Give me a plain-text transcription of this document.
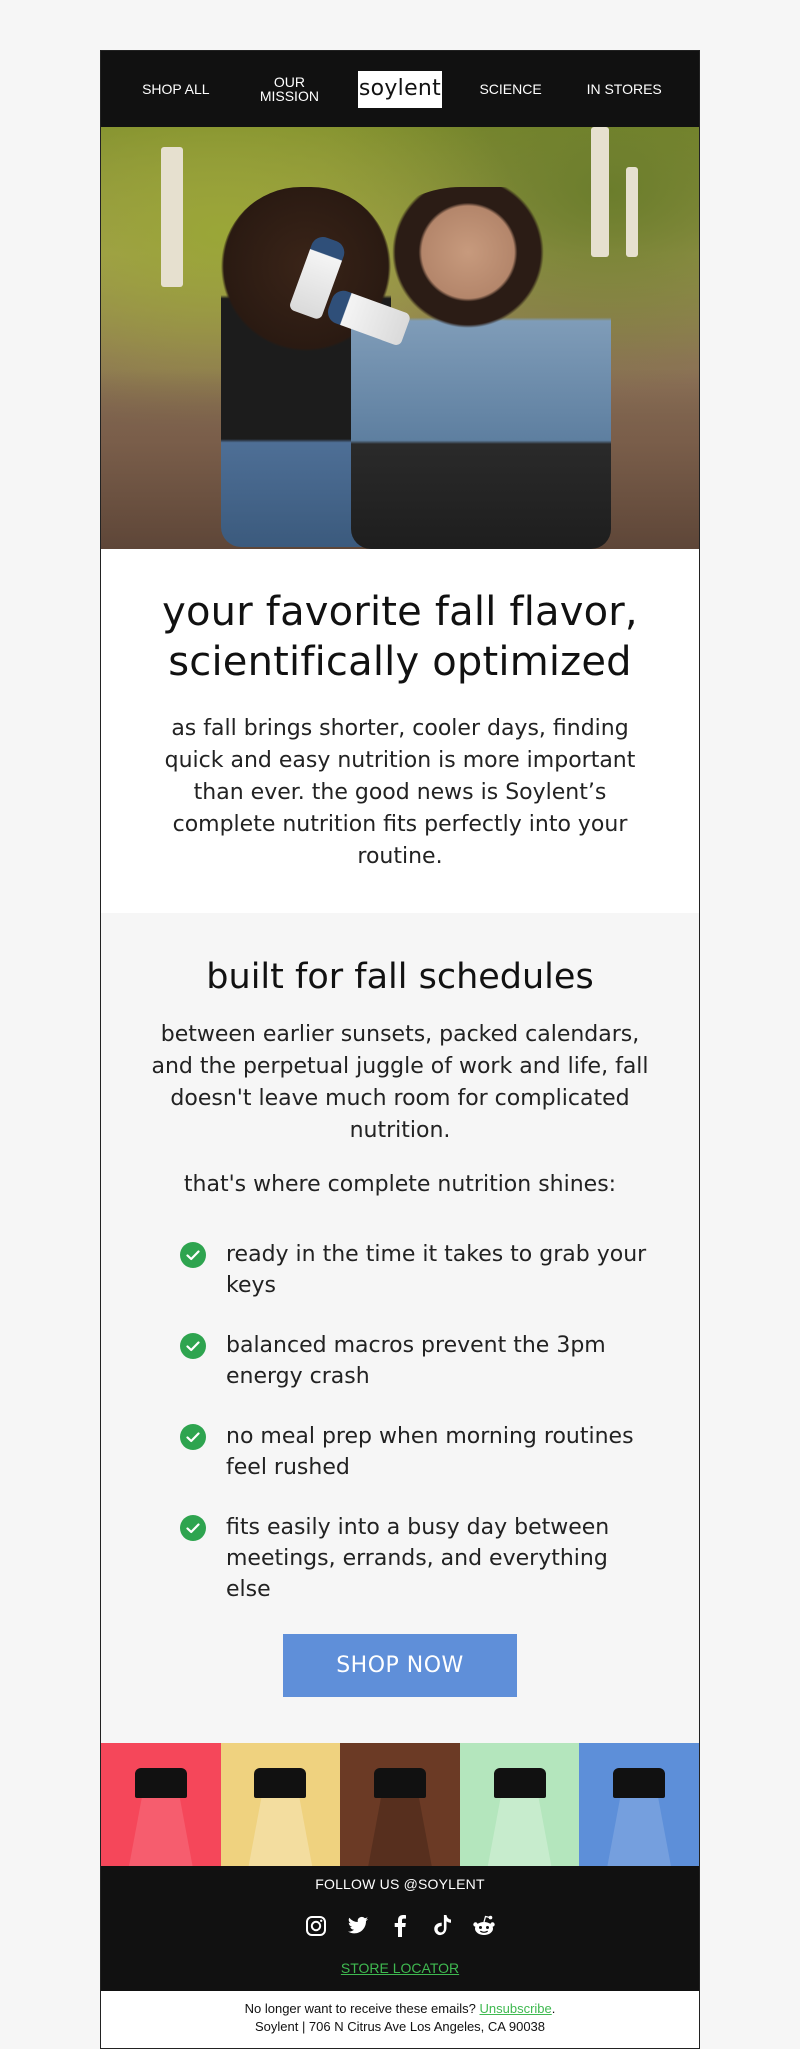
SHOP ALL	OUR
MISSION	soylent	SCIENCE	IN STORES
your favorite fall flavor, scientifically optimized

as fall brings shorter, cooler days, finding quick and easy nutrition is more important than ever. the good news is Soylent’s complete nutrition fits perfectly into your routine.

built for fall schedules

between earlier sunsets, packed calendars, and the perpetual juggle of work and life, fall doesn't leave much room for complicated nutrition.

that's where complete nutrition shines:

ready in the time it takes to grab your keys
balanced macros prevent the 3pm energy crash
no meal prep when morning routines feel rushed
fits easily into a busy day between meetings, errands, and everything else
SHOP NOW
FOLLOW US @SOYLENT
STORE LOCATOR
No longer want to receive these emails? Unsubscribe.
Soylent | 706 N Citrus Ave Los Angeles, CA 90038
